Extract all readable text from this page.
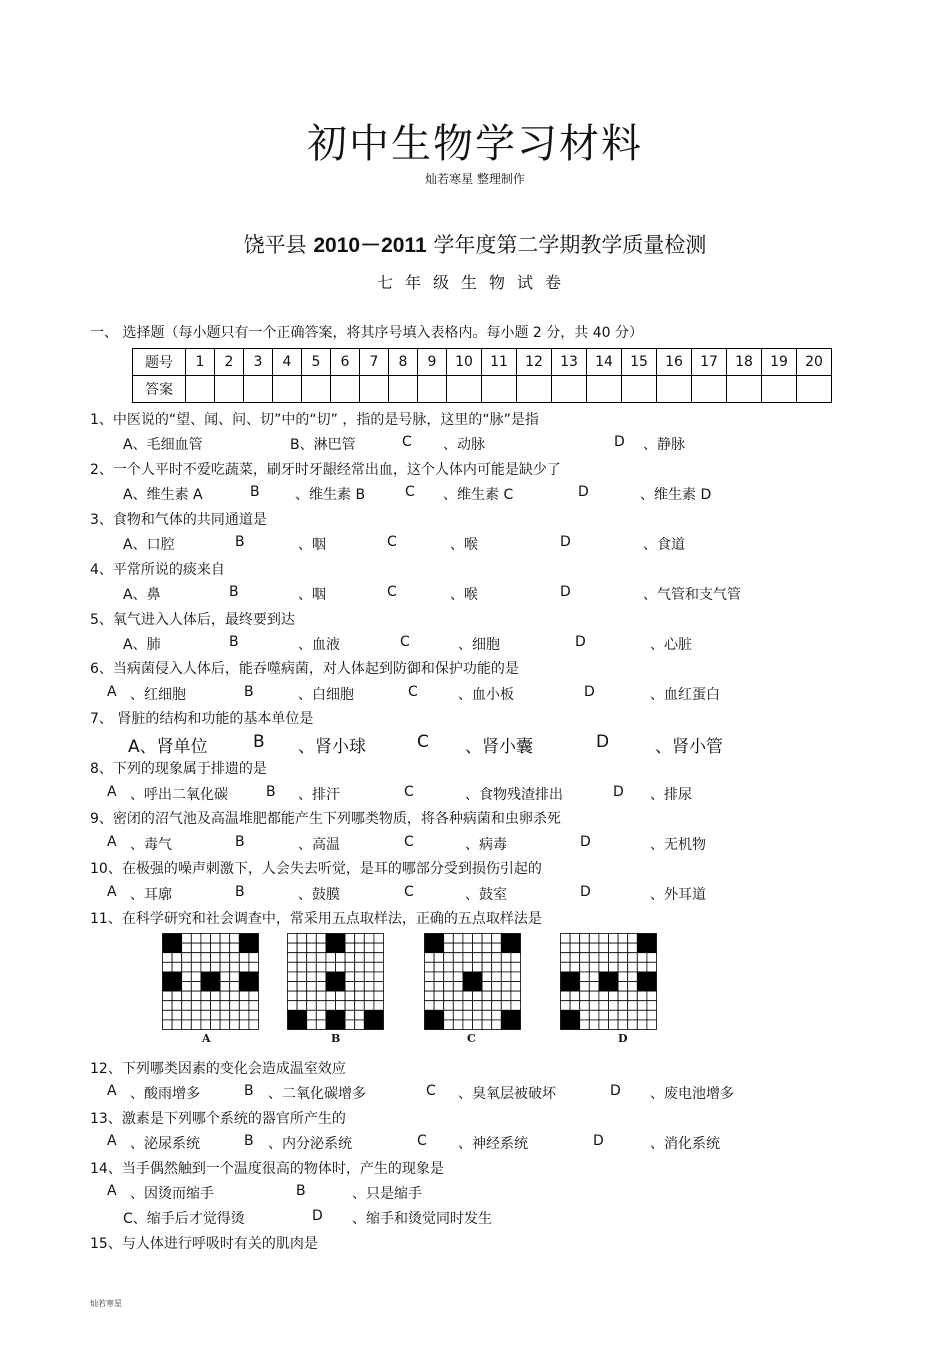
初中生物学习材料
灿若寒星 整理制作
饶平县 2010－2011 学年度第二学期教学质量检测
七年级生物试卷
一、 选择题（每小题只有一个正确答案，将其序号填入表格内。每小题 2 分，共 40 分）
题号	1	2	3	4	5	6	7	8	9	10	11	12	13	14	15	16	17	18	19	20
答案																				
1、中医说的“望、闻、问、切”中的“切” ，指的是号脉，这里的“脉”是指
A、毛细血管	B、淋巴管	C 、动脉	D 、静脉
2、一个人平时不爱吃蔬菜，刷牙时牙龈经常出血，这个人体内可能是缺少了
A、维生素 A	B	、维生素 B	C 、维生素 C	D	、维生素 D
3、食物和气体的共同通道是
A、口腔	B	、咽	C	、喉	D	、食道
4、平常所说的痰来自
A、鼻	B	、咽	C	、喉	D	、气管和支气管
5、氧气进入人体后，最终要到达
A、肺	B	、血液	C	、细胞	D	、心脏
6、当病菌侵入人体后，能吞噬病菌，对人体起到防御和保护功能的是
A 、红细胞	B	、白细胞	C	、血小板	D	、血红蛋白
7、 肾脏的结构和功能的基本单位是
A、肾单位	B 、肾小球	C 、肾小囊	D	、肾小管
8、下列的现象属于排遗的是
A 、呼出二氧化碳	B 、排汗	C	、食物残渣排出	D 、排尿
9、密闭的沼气池及高温堆肥都能产生下列哪类物质，将各种病菌和虫卵杀死
A 、毒气	B	、高温	C	、病毒	D	、无机物
10、在极强的噪声刺激下，人会失去听觉，是耳的哪部分受到损伤引起的
A 、耳廓	B	、鼓膜	C	、鼓室	D	、外耳道
11、在科学研究和社会调查中，常采用五点取样法，正确的五点取样法是
A	B	C	D
12、下列哪类因素的变化会造成温室效应
A 、酸雨增多	B 、二氧化碳增多	C 、臭氧层被破坏	D 、废电池增多
13、激素是下列哪个系统的器官所产生的
A 、泌尿系统	B 、内分泌系统	C 、神经系统	D	、消化系统
14、当手偶然触到一个温度很高的物体时，产生的现象是
A 、因烫而缩手	B	、只是缩手
C、缩手后才觉得烫	D 、缩手和烫觉同时发生
15、与人体进行呼吸时有关的肌肉是
灿若寒星
